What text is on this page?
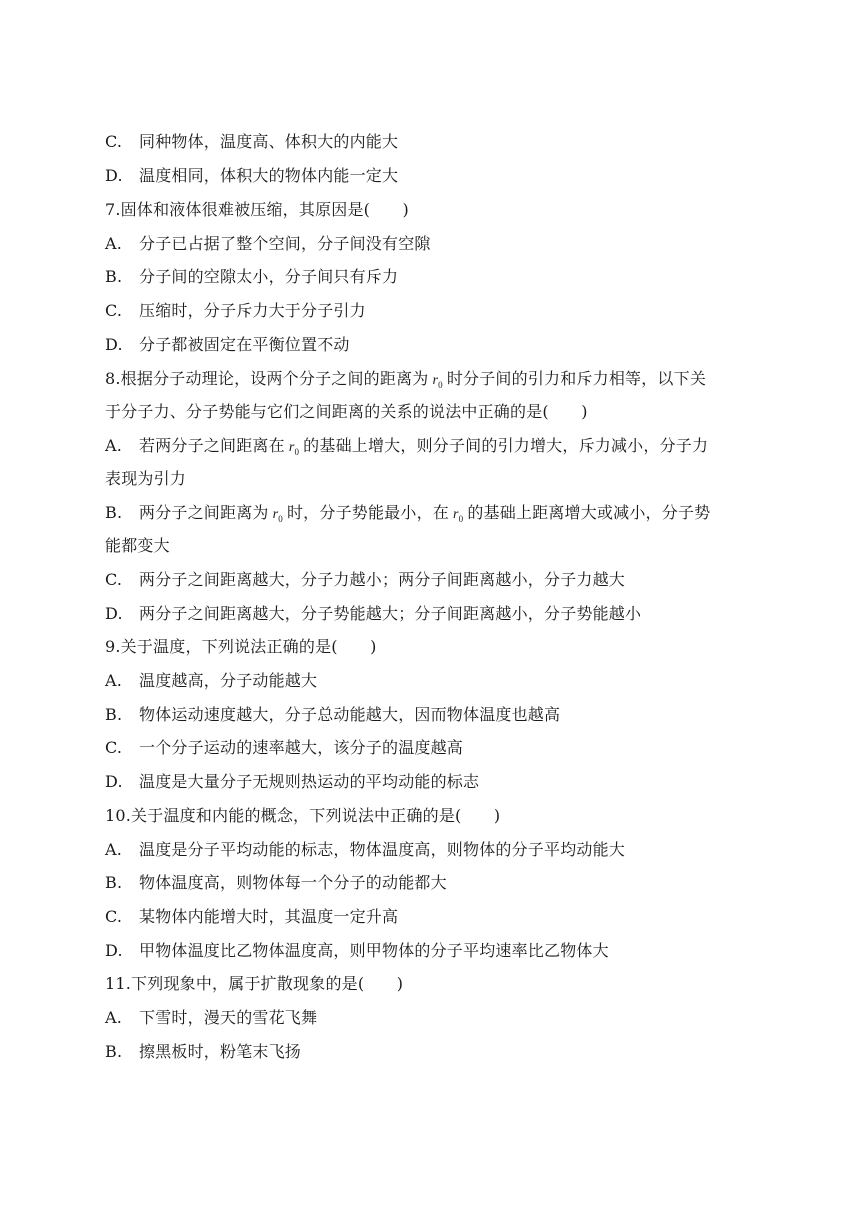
C. 同种物体，温度高、体积大的内能大
D. 温度相同，体积大的物体内能一定大
7.固体和液体很难被压缩，其原因是(　　)
A. 分子已占据了整个空间，分子间没有空隙
B. 分子间的空隙太小，分子间只有斥力
C. 压缩时，分子斥力大于分子引力
D. 分子都被固定在平衡位置不动
8.根据分子动理论，设两个分子之间的距离为 $r_0$ 时分子间的引力和斥力相等，以下关
于分子力、分子势能与它们之间距离的关系的说法中正确的是(　　)
A. 若两分子之间距离在 $r_0$ 的基础上增大，则分子间的引力增大，斥力减小，分子力
表现为引力
B. 两分子之间距离为 $r_0$ 时，分子势能最小，在 $r_0$ 的基础上距离增大或减小，分子势
能都变大
C. 两分子之间距离越大，分子力越小；两分子间距离越小，分子力越大
D. 两分子之间距离越大，分子势能越大；分子间距离越小，分子势能越小
9.关于温度，下列说法正确的是(　　)
A. 温度越高，分子动能越大
B. 物体运动速度越大，分子总动能越大，因而物体温度也越高
C. 一个分子运动的速率越大，该分子的温度越高
D. 温度是大量分子无规则热运动的平均动能的标志
10.关于温度和内能的概念，下列说法中正确的是(　　)
A. 温度是分子平均动能的标志，物体温度高，则物体的分子平均动能大
B. 物体温度高，则物体每一个分子的动能都大
C. 某物体内能增大时，其温度一定升高
D. 甲物体温度比乙物体温度高，则甲物体的分子平均速率比乙物体大
11.下列现象中，属于扩散现象的是(　　)
A. 下雪时，漫天的雪花飞舞
B. 擦黑板时，粉笔末飞扬
